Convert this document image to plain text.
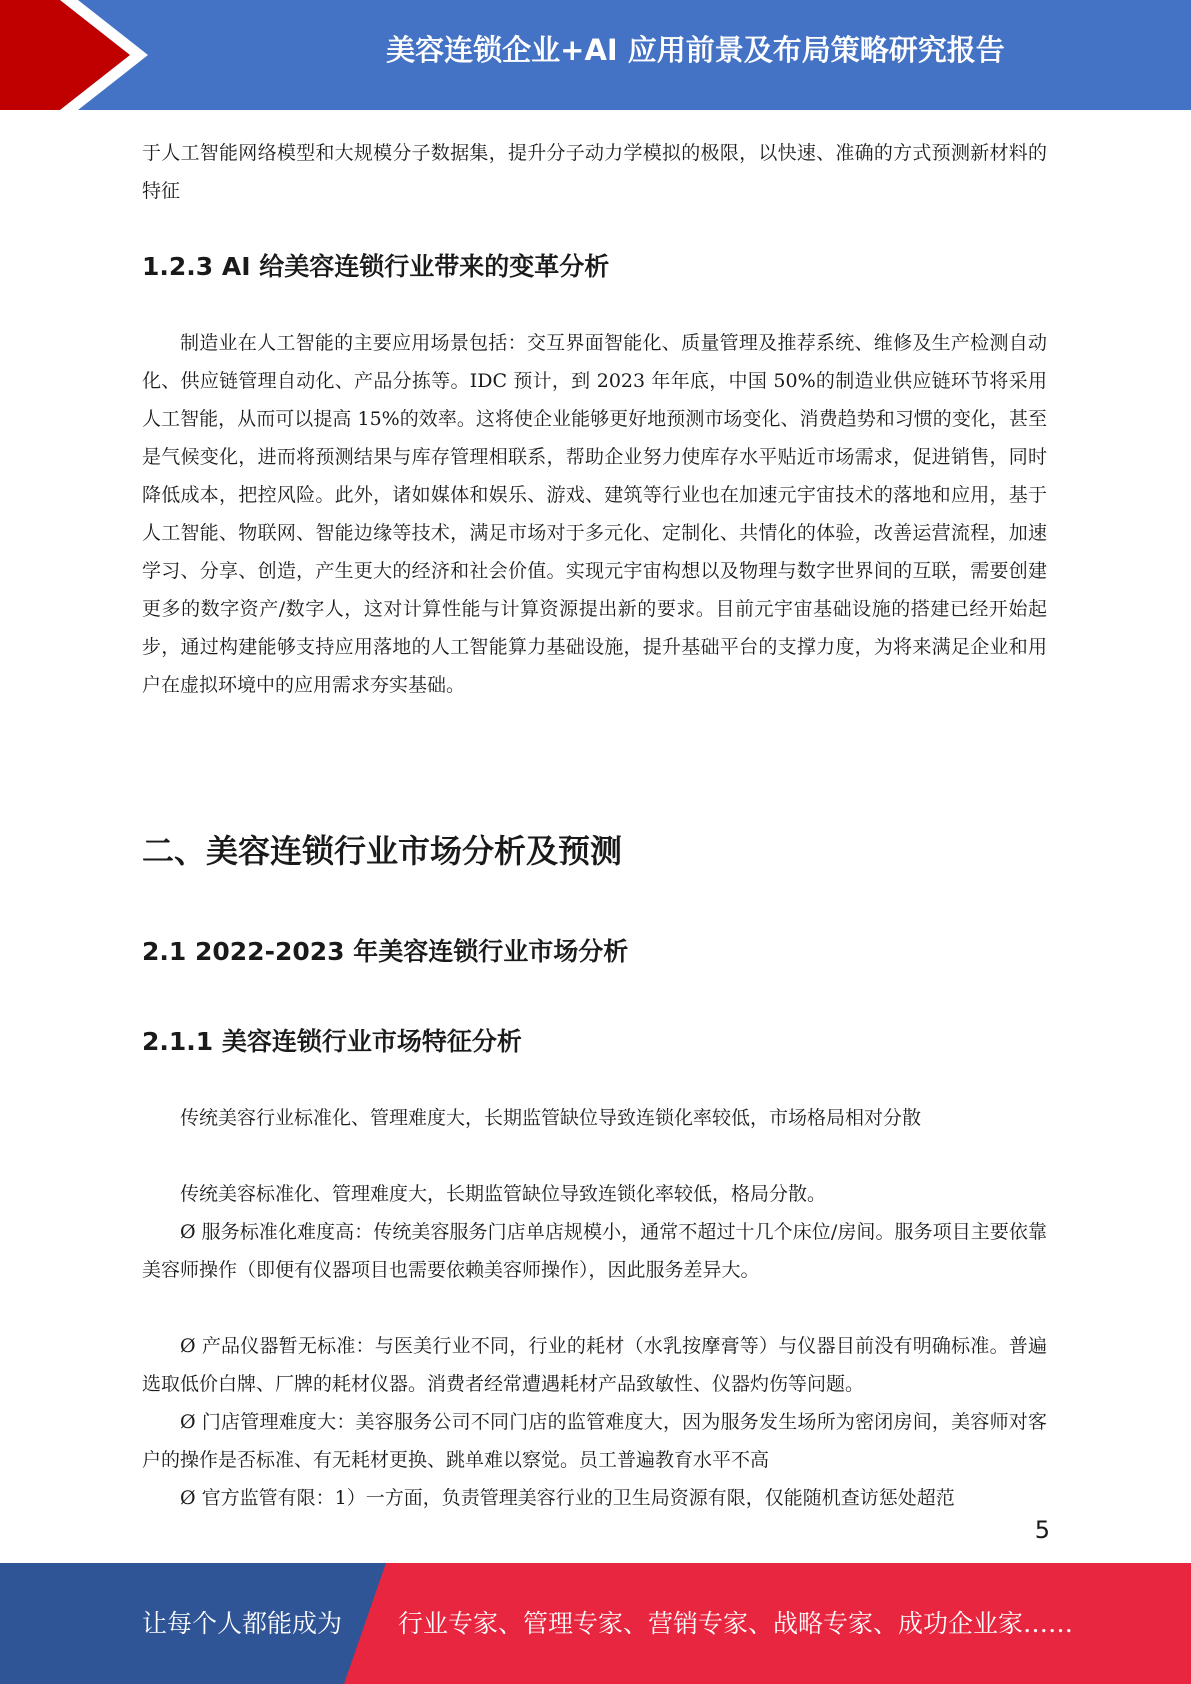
美容连锁企业+AI 应用前景及布局策略研究报告

于人工智能网络模型和大规模分子数据集，提升分子动力学模拟的极限，以快速、准确的方式预测新材料的特征

1.2.3 AI 给美容连锁行业带来的变革分析

制造业在人工智能的主要应用场景包括：交互界面智能化、质量管理及推荐系统、维修及生产检测自动化、供应链管理自动化、产品分拣等。IDC 预计，到 2023 年年底，中国 50%的制造业供应链环节将采用人工智能，从而可以提高 15%的效率。这将使企业能够更好地预测市场变化、消费趋势和习惯的变化，甚至是气候变化，进而将预测结果与库存管理相联系，帮助企业努力使库存水平贴近市场需求，促进销售，同时降低成本，把控风险。此外，诸如媒体和娱乐、游戏、建筑等行业也在加速元宇宙技术的落地和应用，基于人工智能、物联网、智能边缘等技术，满足市场对于多元化、定制化、共情化的体验，改善运营流程，加速学习、分享、创造，产生更大的经济和社会价值。实现元宇宙构想以及物理与数字世界间的互联，需要创建更多的数字资产/数字人，这对计算性能与计算资源提出新的要求。目前元宇宙基础设施的搭建已经开始起步，通过构建能够支持应用落地的人工智能算力基础设施，提升基础平台的支撑力度，为将来满足企业和用户在虚拟环境中的应用需求夯实基础。

二、美容连锁行业市场分析及预测
2.1 2022-2023 年美容连锁行业市场分析
2.1.1 美容连锁行业市场特征分析

传统美容行业标准化、管理难度大，长期监管缺位导致连锁化率较低，市场格局相对分散

传统美容标准化、管理难度大，长期监管缺位导致连锁化率较低，格局分散。

Ø 服务标准化难度高：传统美容服务门店单店规模小，通常不超过十几个床位/房间。服务项目主要依靠美容师操作（即便有仪器项目也需要依赖美容师操作），因此服务差异大。

Ø 产品仪器暂无标准：与医美行业不同，行业的耗材（水乳按摩膏等）与仪器目前没有明确标准。普遍选取低价白牌、厂牌的耗材仪器。消费者经常遭遇耗材产品致敏性、仪器灼伤等问题。

Ø 门店管理难度大：美容服务公司不同门店的监管难度大，因为服务发生场所为密闭房间，美容师对客户的操作是否标准、有无耗材更换、跳单难以察觉。员工普遍教育水平不高

Ø 官方监管有限：1）一方面，负责管理美容行业的卫生局资源有限，仅能随机查访惩处超范

5
让每个人都能成为 行业专家、管理专家、营销专家、战略专家、成功企业家……
